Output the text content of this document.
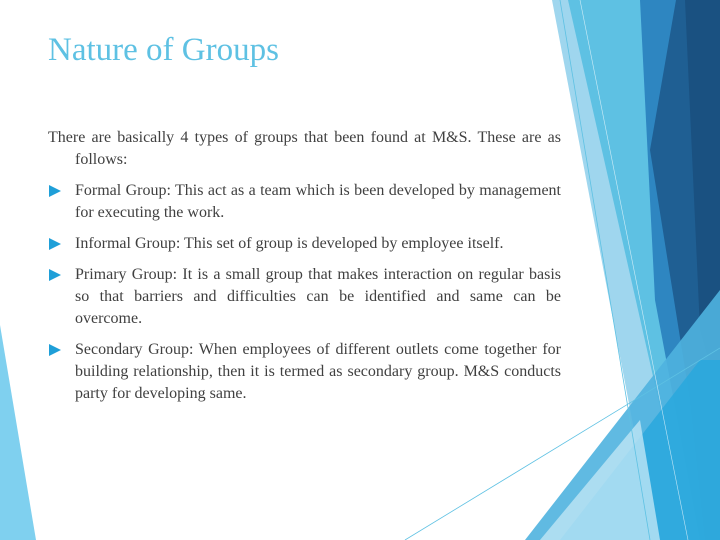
Nature of Groups

There are basically 4 types of groups that been found at M&S. These are as follows:

Formal Group: This act as a team which is been developed by management for executing the work.
Informal Group: This set of group is developed by employee itself.
Primary Group: It is a small group that makes interaction on regular basis so that barriers and difficulties can be identified and same can be overcome.
Secondary Group: When employees of different outlets come together for building relationship, then it is termed as secondary group. M&S conducts party for developing same.
